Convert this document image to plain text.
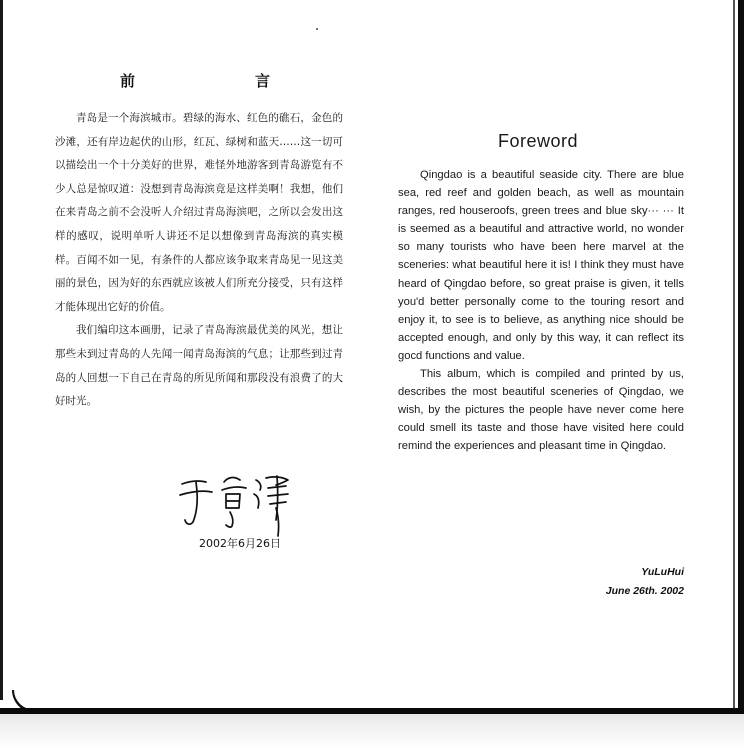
前	言

青岛是一个海滨城市。碧绿的海水、红色的礁石，金色的沙滩，还有岸边起伏的山形，红瓦、绿树和蓝天……这一切可以描绘出一个十分美好的世界，难怪外地游客到青岛游览有不少人总是惊叹道：没想到青岛海滨竟是这样美啊！我想，他们在来青岛之前不会没听人介绍过青岛海滨吧，之所以会发出这样的感叹，说明单听人讲还不足以想像到青岛海滨的真实模样。百闻不如一见，有条件的人都应该争取来青岛见一见这美丽的景色，因为好的东西就应该被人们所充分接受，只有这样才能体现出它好的价值。

我们编印这本画册，记录了青岛海滨最优美的风光，想让那些未到过青岛的人先闻一闻青岛海滨的气息；让那些到过青岛的人回想一下自己在青岛的所见所闻和那段没有浪费了的大好时光。

2002年6月26日
Foreword

Qingdao is a beautiful seaside city. There are blue sea, red reef and golden beach, as well as mountain ranges, red houseroofs, green trees and blue sky··· ··· It is seemed as a beautiful and attractive world, no wonder so many tourists who have been here marvel at the sceneries: what beautiful here it is! I think they must have heard of Qingdao before, so great praise is given, it tells you'd better personally come to the touring resort and enjoy it, to see is to believe, as anything nice should be accepted enough, and only by this way, it can reflect its gocd functions and value.

This album, which is compiled and printed by us, describes the most beautiful sceneries of Qingdao, we wish, by the pictures the people have never come here could smell its taste and those have visited here could remind the experiences and pleasant time in Qingdao.

YuLuHui
June 26th. 2002
